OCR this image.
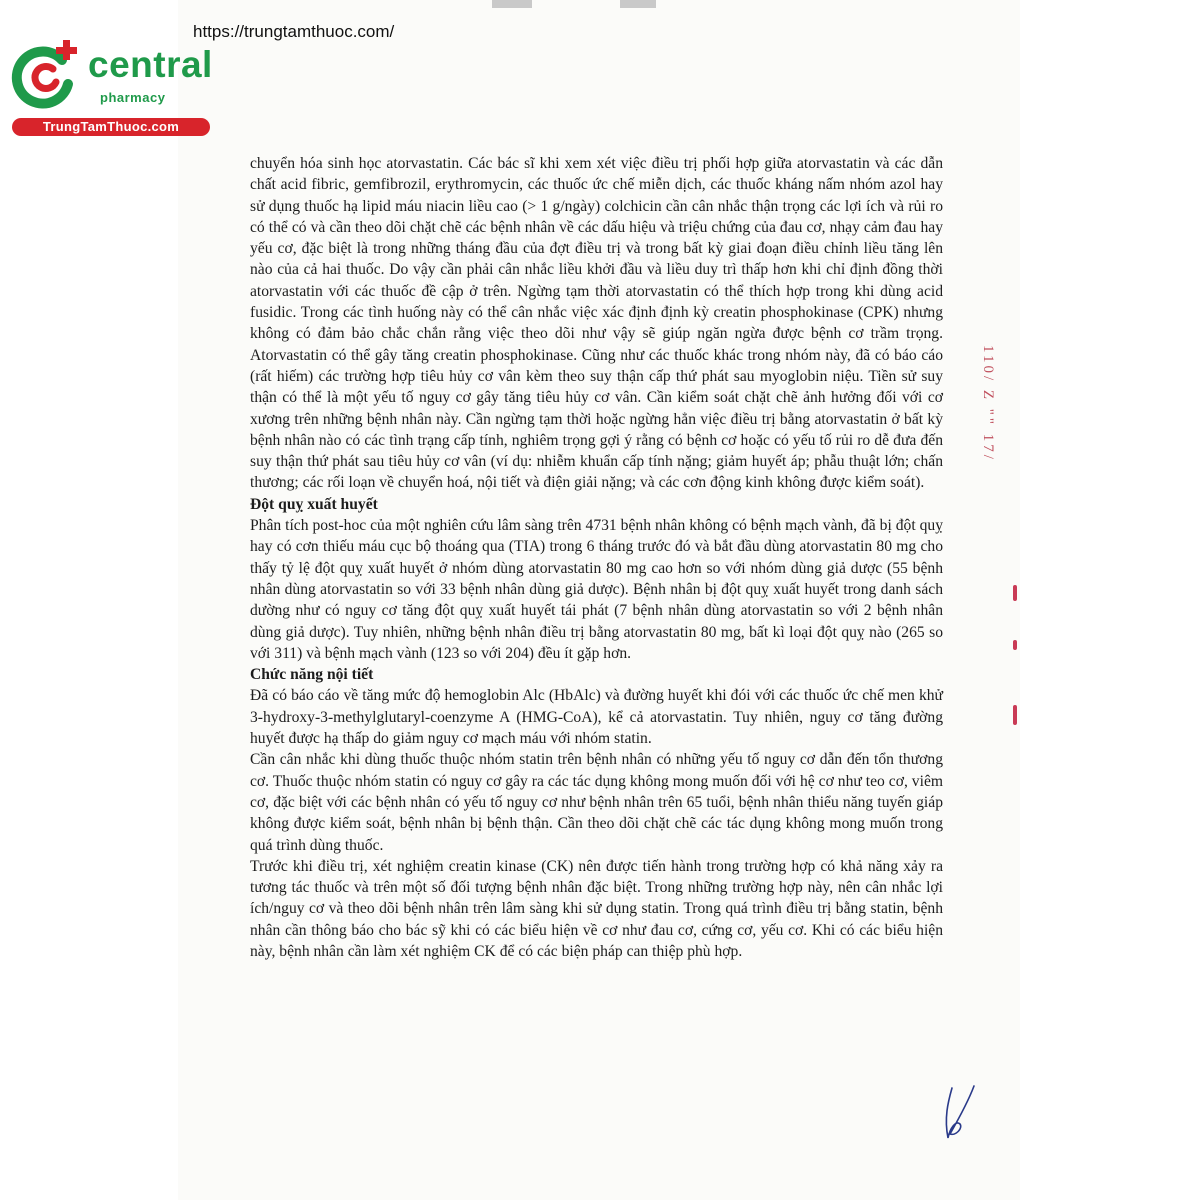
https://trungtamthuoc.com/
central
pharmacy
TrungTamThuoc.com

chuyển hóa sinh học atorvastatin. Các bác sĩ khi xem xét việc điều trị phối hợp giữa atorvastatin và các dẫn chất acid fibric, gemfibrozil, erythromycin, các thuốc ức chế miễn dịch, các thuốc kháng nấm nhóm azol hay sử dụng thuốc hạ lipid máu niacin liều cao (> 1 g/ngày) colchicin cần cân nhắc thận trọng các lợi ích và rủi ro có thể có và cần theo dõi chặt chẽ các bệnh nhân về các dấu hiệu và triệu chứng của đau cơ, nhạy cảm đau hay yếu cơ, đặc biệt là trong những tháng đầu của đợt điều trị và trong bất kỳ giai đoạn điều chỉnh liều tăng lên nào của cả hai thuốc. Do vậy cần phải cân nhắc liều khởi đầu và liều duy trì thấp hơn khi chỉ định đồng thời atorvastatin với các thuốc đề cập ở trên. Ngừng tạm thời atorvastatin có thể thích hợp trong khi dùng acid fusidic. Trong các tình huống này có thể cân nhắc việc xác định định kỳ creatin phosphokinase (CPK) nhưng không có đảm bảo chắc chắn rằng việc theo dõi như vậy sẽ giúp ngăn ngừa được bệnh cơ trầm trọng. Atorvastatin có thể gây tăng creatin phosphokinase. Cũng như các thuốc khác trong nhóm này, đã có báo cáo (rất hiếm) các trường hợp tiêu hủy cơ vân kèm theo suy thận cấp thứ phát sau myoglobin niệu. Tiền sử suy thận có thể là một yếu tố nguy cơ gây tăng tiêu hủy cơ vân. Cần kiểm soát chặt chẽ ảnh hưởng đối với cơ xương trên những bệnh nhân này. Cần ngừng tạm thời hoặc ngừng hẳn việc điều trị bằng atorvastatin ở bất kỳ bệnh nhân nào có các tình trạng cấp tính, nghiêm trọng gợi ý rằng có bệnh cơ hoặc có yếu tố rủi ro dễ đưa đến suy thận thứ phát sau tiêu hủy cơ vân (ví dụ: nhiễm khuẩn cấp tính nặng; giảm huyết áp; phẫu thuật lớn; chấn thương; các rối loạn về chuyển hoá, nội tiết và điện giải nặng; và các cơn động kinh không được kiểm soát).

Đột quỵ xuất huyết

Phân tích post-hoc của một nghiên cứu lâm sàng trên 4731 bệnh nhân không có bệnh mạch vành, đã bị đột quỵ hay có cơn thiếu máu cục bộ thoáng qua (TIA) trong 6 tháng trước đó và bắt đầu dùng atorvastatin 80 mg cho thấy tỷ lệ đột quỵ xuất huyết ở nhóm dùng atorvastatin 80 mg cao hơn so với nhóm dùng giả dược (55 bệnh nhân dùng atorvastatin so với 33 bệnh nhân dùng giả dược). Bệnh nhân bị đột quỵ xuất huyết trong danh sách dường như có nguy cơ tăng đột quỵ xuất huyết tái phát (7 bệnh nhân dùng atorvastatin so với 2 bệnh nhân dùng giả dược). Tuy nhiên, những bệnh nhân điều trị bằng atorvastatin 80 mg, bất kì loại đột quỵ nào (265 so với 311) và bệnh mạch vành (123 so với 204) đều ít gặp hơn.

Chức năng nội tiết

Đã có báo cáo về tăng mức độ hemoglobin Alc (HbAlc) và đường huyết khi đói với các thuốc ức chế men khử 3-hydroxy-3-methylglutaryl-coenzyme A (HMG-CoA), kể cả atorvastatin. Tuy nhiên, nguy cơ tăng đường huyết được hạ thấp do giảm nguy cơ mạch máu với nhóm statin.

Cần cân nhắc khi dùng thuốc thuộc nhóm statin trên bệnh nhân có những yếu tố nguy cơ dẫn đến tổn thương cơ. Thuốc thuộc nhóm statin có nguy cơ gây ra các tác dụng không mong muốn đối với hệ cơ như teo cơ, viêm cơ, đặc biệt với các bệnh nhân có yếu tố nguy cơ như bệnh nhân trên 65 tuổi, bệnh nhân thiểu năng tuyến giáp không được kiểm soát, bệnh nhân bị bệnh thận. Cần theo dõi chặt chẽ các tác dụng không mong muốn trong quá trình dùng thuốc.

Trước khi điều trị, xét nghiệm creatin kinase (CK) nên được tiến hành trong trường hợp có khả năng xảy ra tương tác thuốc và trên một số đối tượng bệnh nhân đặc biệt. Trong những trường hợp này, nên cân nhắc lợi ích/nguy cơ và theo dõi bệnh nhân trên lâm sàng khi sử dụng statin. Trong quá trình điều trị bằng statin, bệnh nhân cần thông báo cho bác sỹ khi có các biểu hiện về cơ như đau cơ, cứng cơ, yếu cơ. Khi có các biểu hiện này, bệnh nhân cần làm xét nghiệm CK để có các biện pháp can thiệp phù hợp.

110/ Z "" 17/
